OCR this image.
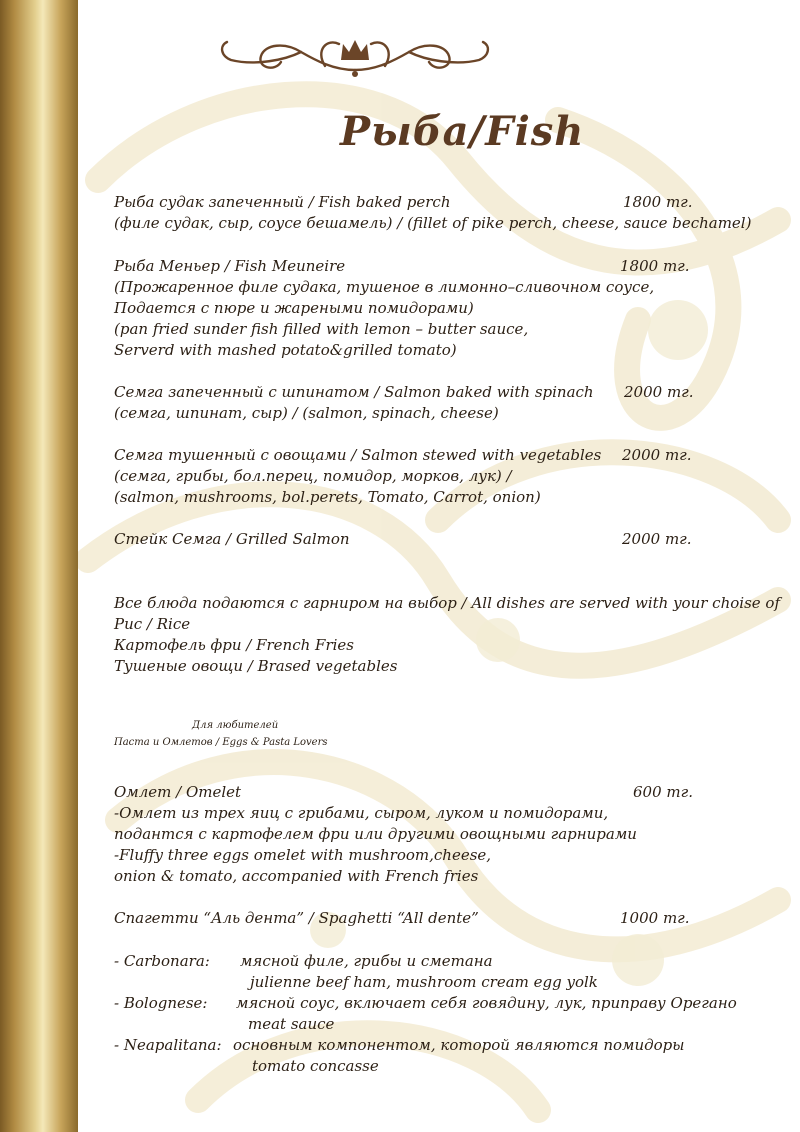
Рыба/Fish
Рыба судак запеченный / Fish baked perch	1800 тг.
(филе судак, сыр, соусе бешамель) / (fillet of pike perch, cheese, sauce bechamel)
Рыба Меньер / Fish Meuneire	1800 тг.
(Прожаренное филе судака, тушеное в лимонно–сливочном соусе,
Подается с пюре и жареными помидорами)
(pan fried sunder fish filled with lemon – butter sauce,
Serverd with mashed potato&grilled tomato)
Семга запеченный с шпинатом / Salmon baked with spinach 2000 тг.
(семга, шпинат, сыр) / (salmon, spinach, cheese)
Семга тушенный с овощами / Salmon stewed with vegetables 2000 тг.
(семга, грибы, бол.перец, помидор, морков, лук) /
(salmon, mushrooms, bol.perets, Tomato, Carrot, onion)
Стейк Семга / Grilled Salmon	2000 тг.
Все блюда подаются с гарниром на выбор / All dishes are served with your choise of
Рис / Rice
Картофель фри / French Fries
Тушеные овощи / Brased vegetables
Для любителей
Паста и Омлетов / Eggs & Pasta Lovers
Омлет / Omelet	600 тг.
-Омлет из трех яиц с грибами, сыром, луком и помидорами,
подантся с картофелем фри или другими овощными гарнирами
-Fluffy three eggs omelet with mushroom,cheese,
onion & tomato, accompanied with French fries
Спагетти “Аль дента” / Spaghetti “All dente”	1000 тг.
- Carbonara: мясной филе, грибы и сметана
julienne beef ham, mushroom cream egg yolk
- Bolognese: мясной соус, включает себя говядину, лук, приправу Орегано
meat sauce
- Neapalitana: основным компонентом, которой являются помидоры
tomato concasse
